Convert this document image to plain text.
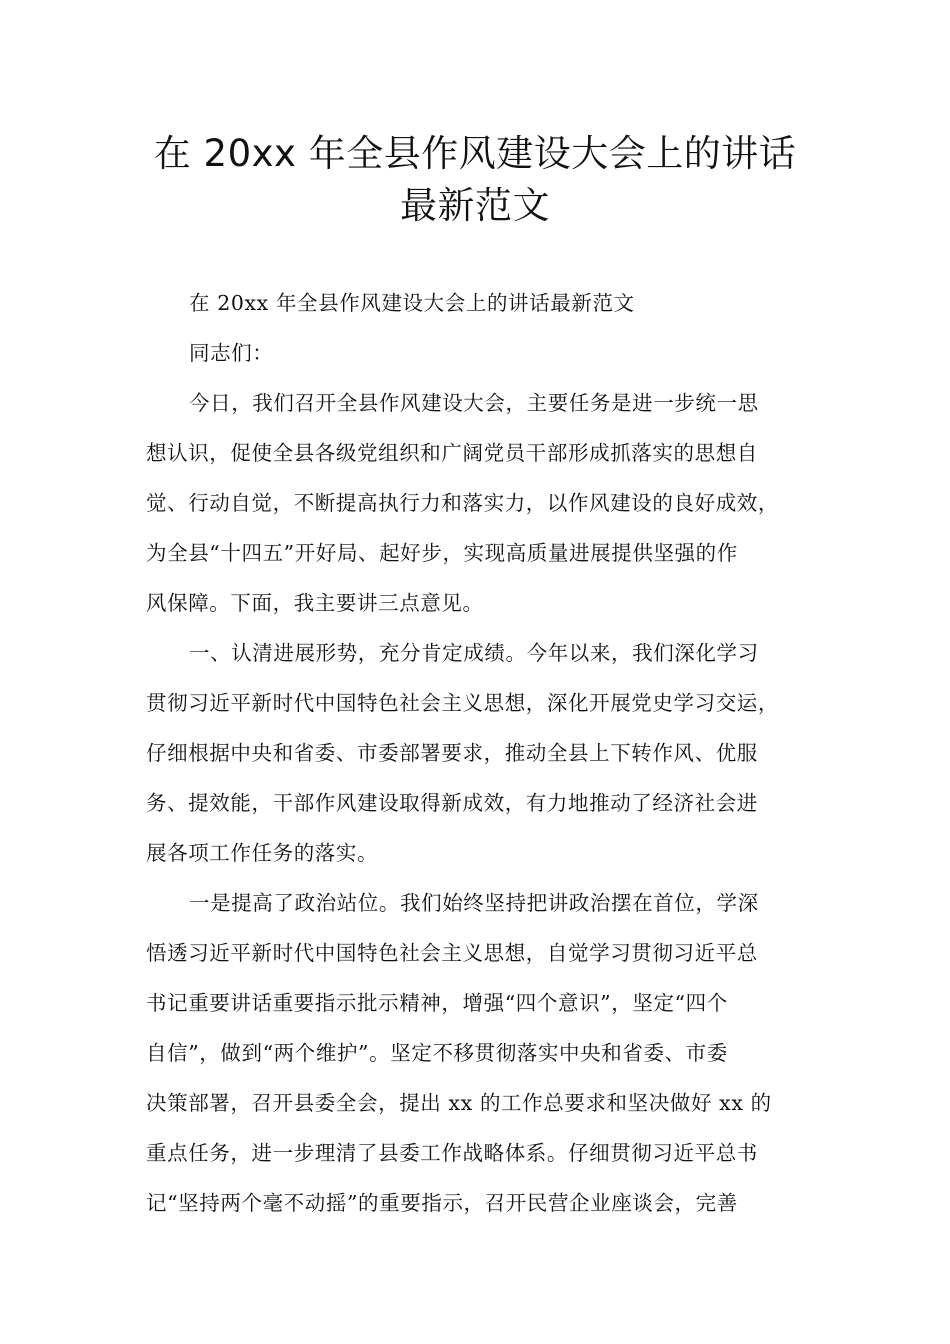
在 20xx 年全县作风建设大会上的讲话
最新范文
在 20xx 年全县作风建设大会上的讲话最新范文
同志们：
今日，我们召开全县作风建设大会，主要任务是进一步统一思
想认识，促使全县各级党组织和广阔党员干部形成抓落实的思想自
觉、行动自觉，不断提高执行力和落实力，以作风建设的良好成效，
为全县“十四五”开好局、起好步，实现高质量进展提供坚强的作
风保障。下面，我主要讲三点意见。
一、认清进展形势，充分肯定成绩。今年以来，我们深化学习
贯彻习近平新时代中国特色社会主义思想，深化开展党史学习交运，
仔细根据中央和省委、市委部署要求，推动全县上下转作风、优服
务、提效能，干部作风建设取得新成效，有力地推动了经济社会进
展各项工作任务的落实。
一是提高了政治站位。我们始终坚持把讲政治摆在首位，学深
悟透习近平新时代中国特色社会主义思想，自觉学习贯彻习近平总
书记重要讲话重要指示批示精神，增强“四个意识”，坚定“四个
自信”，做到“两个维护”。坚定不移贯彻落实中央和省委、市委
决策部署，召开县委全会，提出 xx 的工作总要求和坚决做好 xx 的
重点任务，进一步理清了县委工作战略体系。仔细贯彻习近平总书
记“坚持两个毫不动摇”的重要指示，召开民营企业座谈会，完善
